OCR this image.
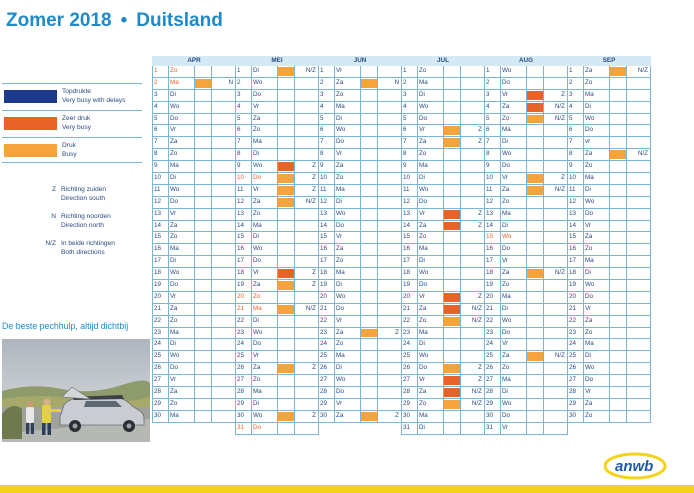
Zomer 2018 • Duitsland
Topdrukte
Very busy with delays
Zeer druk
Very busy
Druk
Busy
Z Richting zuiden
Direction south
N Richting noorden
Direction north
N/Z In beide richtingen
Both directions
De beste pechhulp, altijd dichtbij
APR
1 Zo
2 Ma	N
3 Di
4 Wo
5 Do
6 Vr
7 Za
8 Zo
9 Ma
10 Di
11 Wo
12 Do
13 Vr
14 Za
15 Zo
16 Ma
17 Di
18 Wo
19 Do
20 Vr
21 Za
22 Zo
23 Ma
24 Di
25 Wo
26 Do
27 Vr
28 Za
29 Zo
30 Ma
MEI
1 Di	N/Z
2 Wo
3 Do
4 Vr
5 Za
6 Zo
7 Ma
8 Di
9 Wo	Z
10 Do	Z
11 Vr	Z
12 Za	N/Z
13 Zo
14 Ma
15 Di
16 Wo
17 Do
18 Vr	Z
19 Za	Z
20 Zo
21 Ma	N/Z
22 Di
23 Wo
24 Do
25 Vr
26 Za	Z
27 Zo
28 Ma
29 Di
30 Wo	Z
31 Do
JUN
1 Vr
2 Za	N
3 Zo
4 Ma
5 Di
6 Wo
7 Do
8 Vr
9 Za
10 Zo
11 Ma
12 Di
13 Wo
14 Do
15 Vr
16 Za
17 Zo
18 Ma
19 Di
20 Wo
21 Do
22 Vr
23 Za	Z
24 Zo
25 Ma
26 Di
27 Wo
28 Do
29 Vr
30 Za	Z
JUL
1 Zo
2 Ma
3 Di
4 Wo
5 Do
6 Vr	Z
7 Za	Z
8 Zo
9 Ma
10 Di
11 Wo
12 Do
13 Vr	Z
14 Za	Z
15 Zo
16 Ma
17 Di
18 Wo
19 Do
20 Vr	Z
21 Za	N/Z
22 Zo	N/Z
23 Ma
24 Di
25 Wo
26 Do	Z
27 Vr	Z
28 Za	N/Z
29 Zo	N/Z
30 Ma
31 Di
AUG
1 Wo
2 Do
3 Vr	Z
4 Za	N/Z
5 Zo	N/Z
6 Ma
7 Di
8 Wo
9 Do
10 Vr	Z
11 Za	N/Z
12 Zo
13 Ma
14 Di
15 Wo
16 Do
17 Vr
18 Za	N/Z
19 Zo
20 Ma
21 Di
22 Wo
23 Do
24 Vr
25 Za	N/Z
26 Zo
27 Ma
28 Di
29 Wo
30 Do
31 Vr
SEP
1 Za	N/Z
2 Zo
3 Ma
4 Di
5 Wo
6 Do
7 vr
8 Za	N/Z
9 Zo
10 Ma
11 Di
12 Wo
13 Do
14 Vr
15 Za
16 Zo
17 Ma
18 Di
19 Wo
20 Do
21 Vr
22 Za
23 Zo
24 Ma
25 Di
26 Wo
27 Do
28 Vr
29 Za
30 Zo
anwb
